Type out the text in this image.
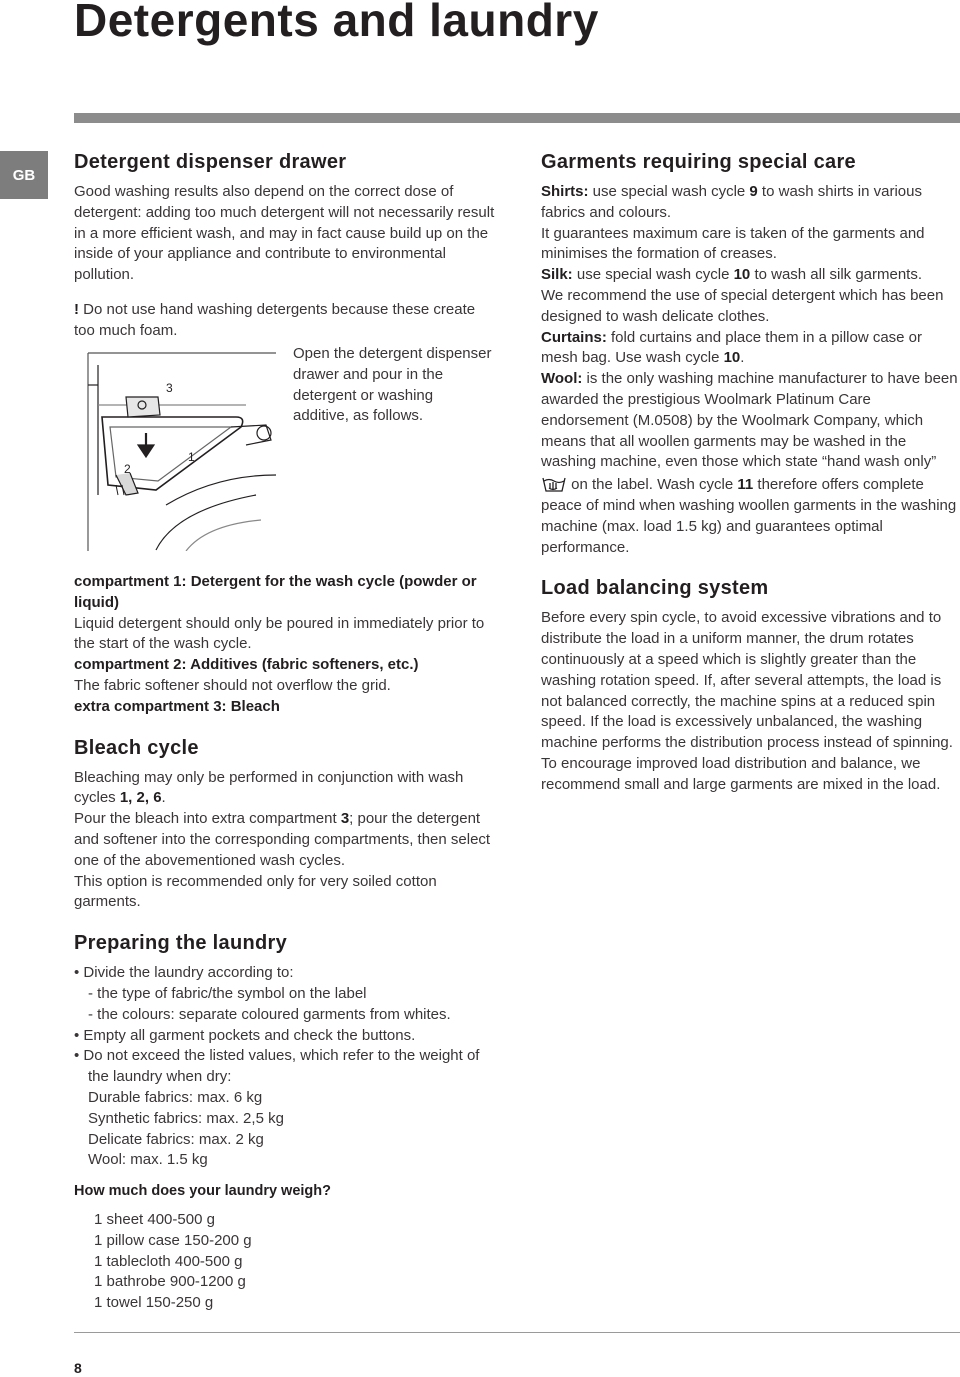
Detergents and laundry
GB
Detergent dispenser drawer

Good washing results also depend on the correct dose of detergent: adding too much detergent will not necessarily result in a more efficient wash, and may in fact cause build up on the inside of your appliance and contribute to environmental pollution.

! Do not use hand washing detergents because these create too much foam.

3
1
2

Open the detergent dispenser drawer and pour in the detergent or washing additive, as follows.

compartment 1: Detergent for the wash cycle (powder or liquid)

Liquid detergent should only be poured in immediately prior to the start of the wash cycle.

compartment 2: Additives (fabric softeners, etc.)

The fabric softener should not overflow the grid.

extra compartment 3: Bleach

Bleach cycle

Bleaching may only be performed in conjunction with wash cycles 1, 2, 6.

Pour the bleach into extra compartment 3; pour the detergent and softener into the corresponding compartments, then select one of the abovementioned wash cycles.

This option is recommended only for very soiled cotton garments.

Preparing the laundry
• Divide the laundry according to:
- the type of fabric/the symbol on the label
- the colours: separate coloured garments from whites.
• Empty all garment pockets and check the buttons.
• Do not exceed the listed values, which refer to the weight of the laundry when dry:
Durable fabrics: max. 6 kg
Synthetic fabrics: max. 2,5 kg
Delicate fabrics: max. 2 kg
Wool: max. 1.5 kg

How much does your laundry weigh?

1 sheet 400-500 g
1 pillow case 150-200 g
1 tablecloth 400-500 g
1 bathrobe 900-1200 g
1 towel 150-250 g
Garments requiring special care

Shirts: use special wash cycle 9 to wash shirts in various fabrics and colours.

It guarantees maximum care is taken of the garments and minimises the formation of creases.

Silk: use special wash cycle 10 to wash all silk garments.

We recommend the use of special detergent which has been designed to wash delicate clothes.

Curtains: fold curtains and place them in a pillow case or mesh bag. Use wash cycle 10.

Wool: is the only washing machine manufacturer to have been awarded the prestigious Woolmark Platinum Care endorsement (M.0508) by the Woolmark Company, which means that all woollen garments may be washed in the washing machine, even those which state “hand wash only”  on the label. Wash cycle 11 therefore offers complete peace of mind when washing woollen garments in the washing machine (max. load 1.5 kg) and guarantees optimal performance.

Load balancing system

Before every spin cycle, to avoid excessive vibrations and to distribute the load in a uniform manner, the drum rotates continuously at a speed which is slightly greater than the washing rotation speed. If, after several attempts, the load is not balanced correctly, the machine spins at a reduced spin speed. If the load is excessively unbalanced, the washing machine performs the distribution process instead of spinning. To encourage improved load distribution and balance, we recommend small and large garments are mixed in the load.

8
